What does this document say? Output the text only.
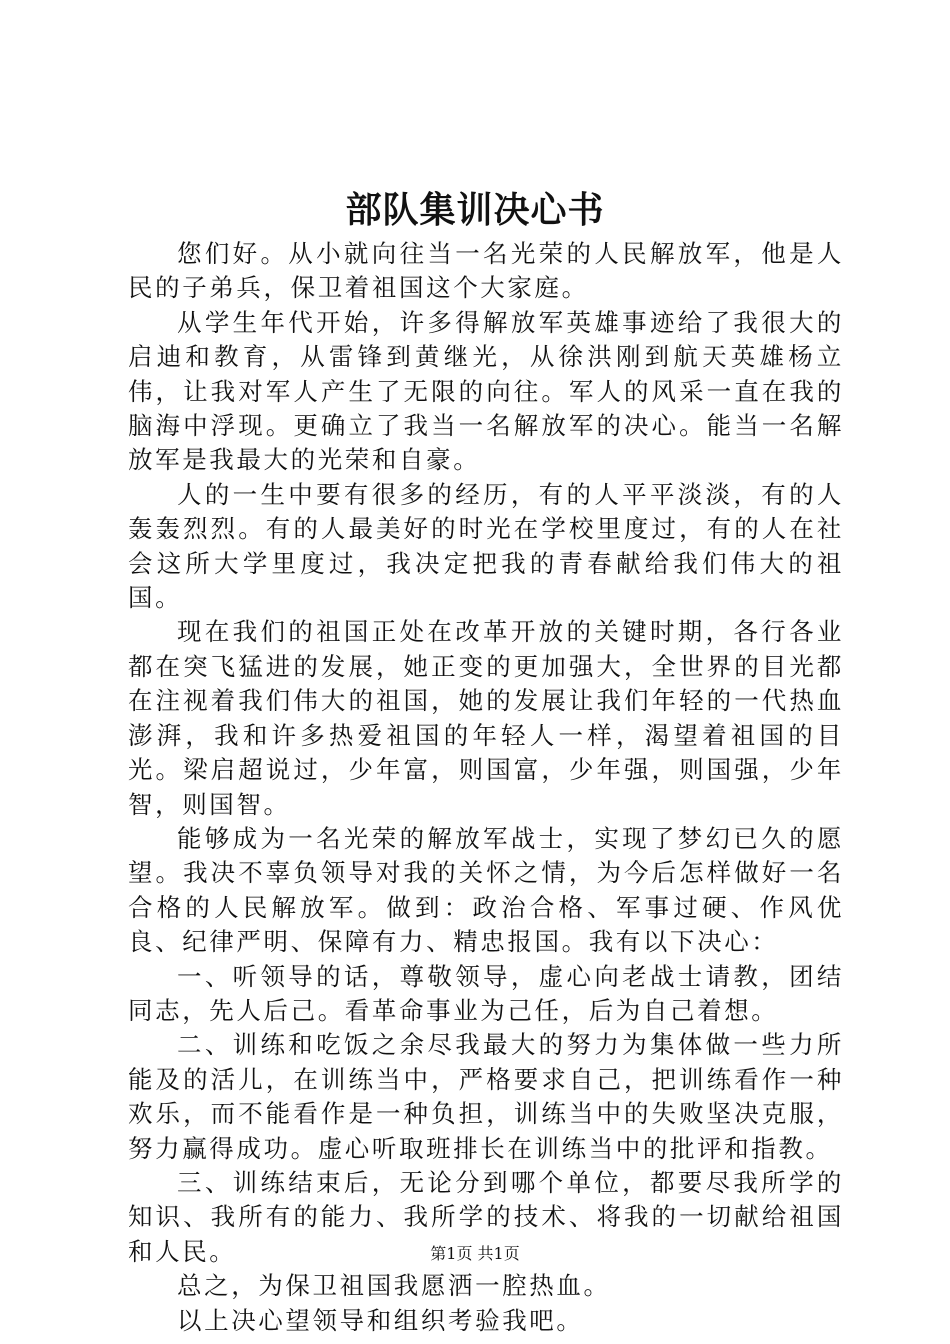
部队集训决心书

您们好。从小就向往当一名光荣的人民解放军，他是人民的子弟兵，保卫着祖国这个大家庭。

从学生年代开始，许多得解放军英雄事迹给了我很大的启迪和教育，从雷锋到黄继光，从徐洪刚到航天英雄杨立伟，让我对军人产生了无限的向往。军人的风采一直在我的脑海中浮现。更确立了我当一名解放军的决心。能当一名解放军是我最大的光荣和自豪。

人的一生中要有很多的经历，有的人平平淡淡，有的人轰轰烈烈。有的人最美好的时光在学校里度过，有的人在社会这所大学里度过，我决定把我的青春献给我们伟大的祖国。

现在我们的祖国正处在改革开放的关键时期，各行各业都在突飞猛进的发展，她正变的更加强大，全世界的目光都在注视着我们伟大的祖国，她的发展让我们年轻的一代热血澎湃，我和许多热爱祖国的年轻人一样，渴望着祖国的目光。梁启超说过，少年富，则国富，少年强，则国强，少年智，则国智。

能够成为一名光荣的解放军战士，实现了梦幻已久的愿望。我决不辜负领导对我的关怀之情，为今后怎样做好一名合格的人民解放军。做到：政治合格、军事过硬、作风优良、纪律严明、保障有力、精忠报国。我有以下决心：

一、听领导的话，尊敬领导，虚心向老战士请教，团结同志，先人后己。看革命事业为己任，后为自己着想。

二、训练和吃饭之余尽我最大的努力为集体做一些力所能及的活儿，在训练当中，严格要求自己，把训练看作一种欢乐，而不能看作是一种负担，训练当中的失败坚决克服，努力赢得成功。虚心听取班排长在训练当中的批评和指教。

三、训练结束后，无论分到哪个单位，都要尽我所学的知识、我所有的能力、我所学的技术、将我的一切献给祖国和人民。

总之，为保卫祖国我愿洒一腔热血。

以上决心望领导和组织考验我吧。

第1页 共1页
